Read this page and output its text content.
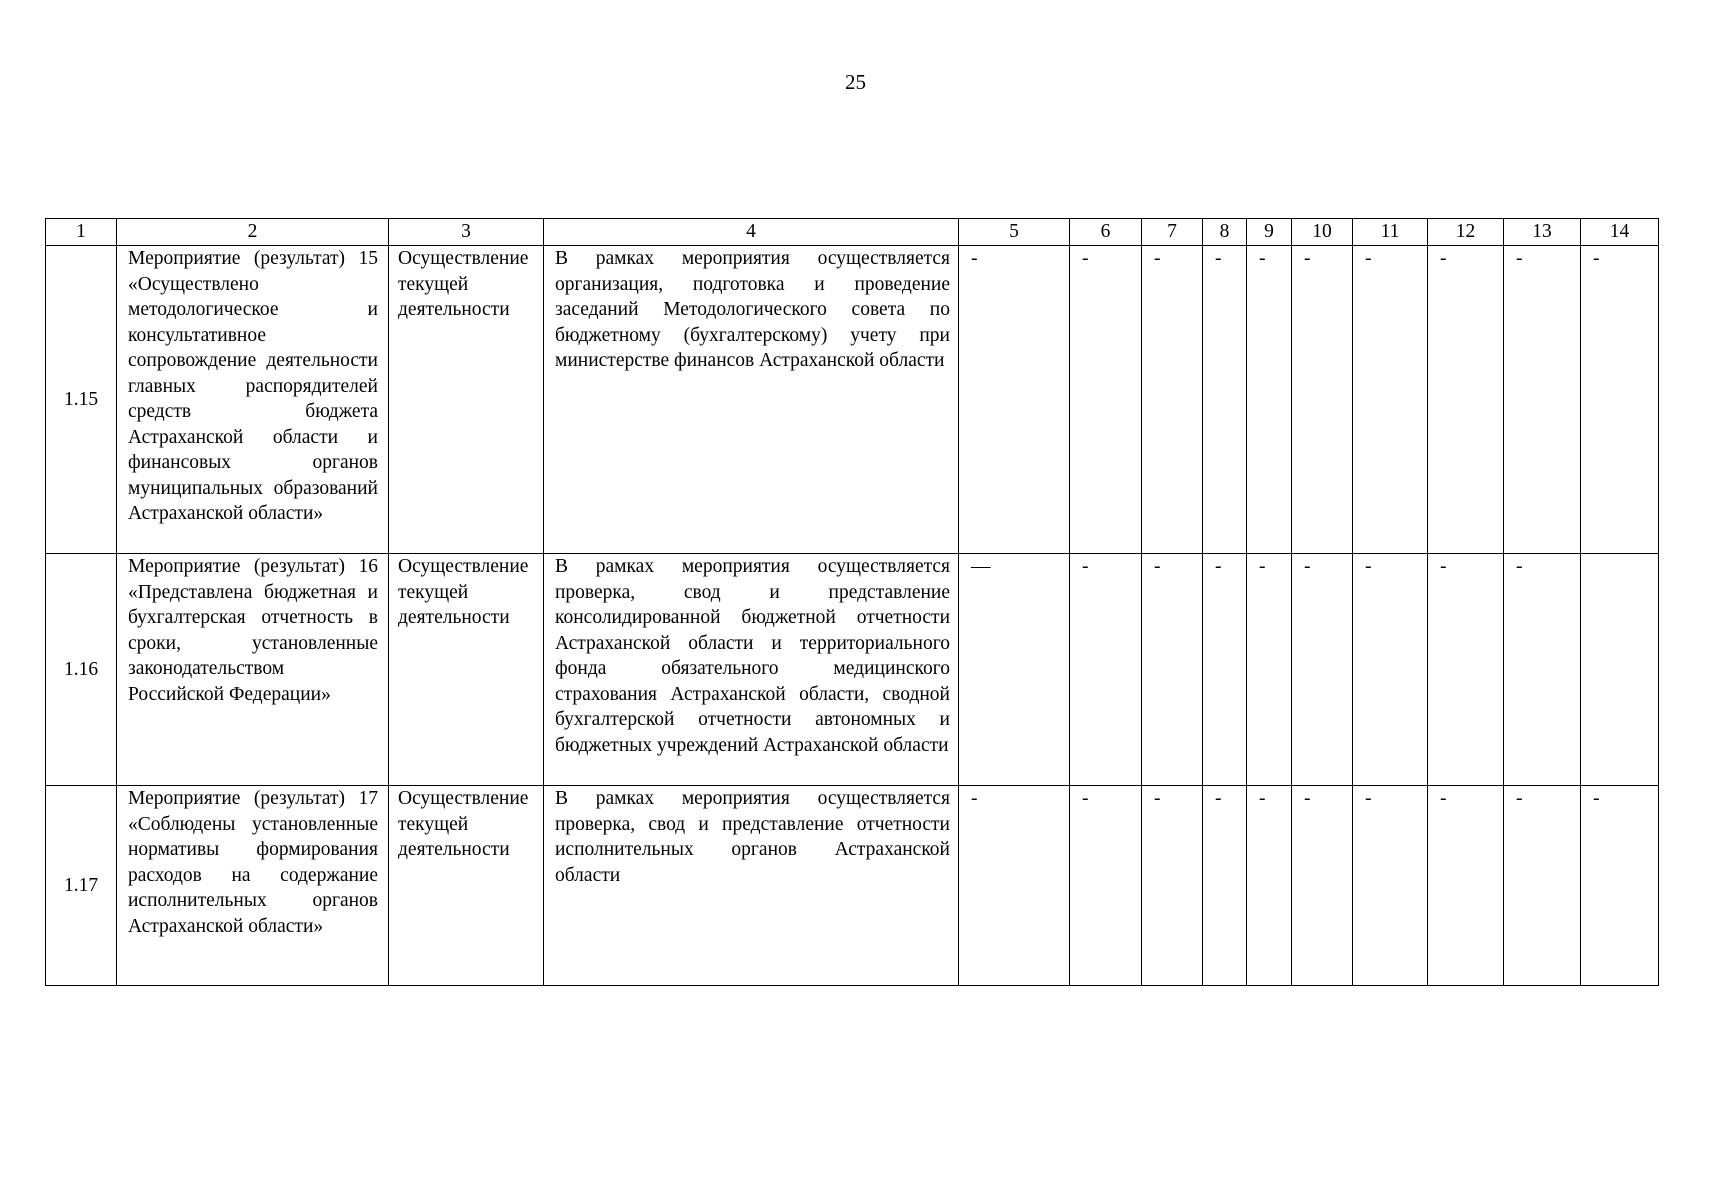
25
1	2	3	4	5	6	7	8	9	10	11	12	13	14
1.15	Мероприятие (результат) 15 «Осуществлено методологическое и консультативное сопровождение деятельности главных распорядителей средств бюджета Астраханской области и финансовых органов муниципальных образований Астраханской области»	Осуществление текущей деятельности	В рамках мероприятия осуществляется организация, подготовка и проведение заседаний Методологического совета по бюджетному (бухгалтерскому) учету при министерстве финансов Астраханской области	-	-	-	-	-	-	-	-	-	-
1.16	Мероприятие (результат) 16 «Представлена бюджетная и бухгалтерская отчетность в сроки, установленные законодательством Российской Федерации»	Осуществление текущей деятельности	В рамках мероприятия осуществляется проверка, свод и представление консолидированной бюджетной отчетности Астраханской области и территориального фонда обязательного медицинского страхования Астраханской области, сводной бухгалтерской отчетности автономных и бюджетных учреждений Астраханской области	—	-	-	-	-	-	-	-	-	
1.17	Мероприятие (результат) 17 «Соблюдены установленные нормативы формирования расходов на содержание исполнительных органов Астраханской области»	Осуществление текущей деятельности	В рамках мероприятия осуществляется проверка, свод и представление отчетности исполнительных органов Астраханской области	-	-	-	-	-	-	-	-	-	-
